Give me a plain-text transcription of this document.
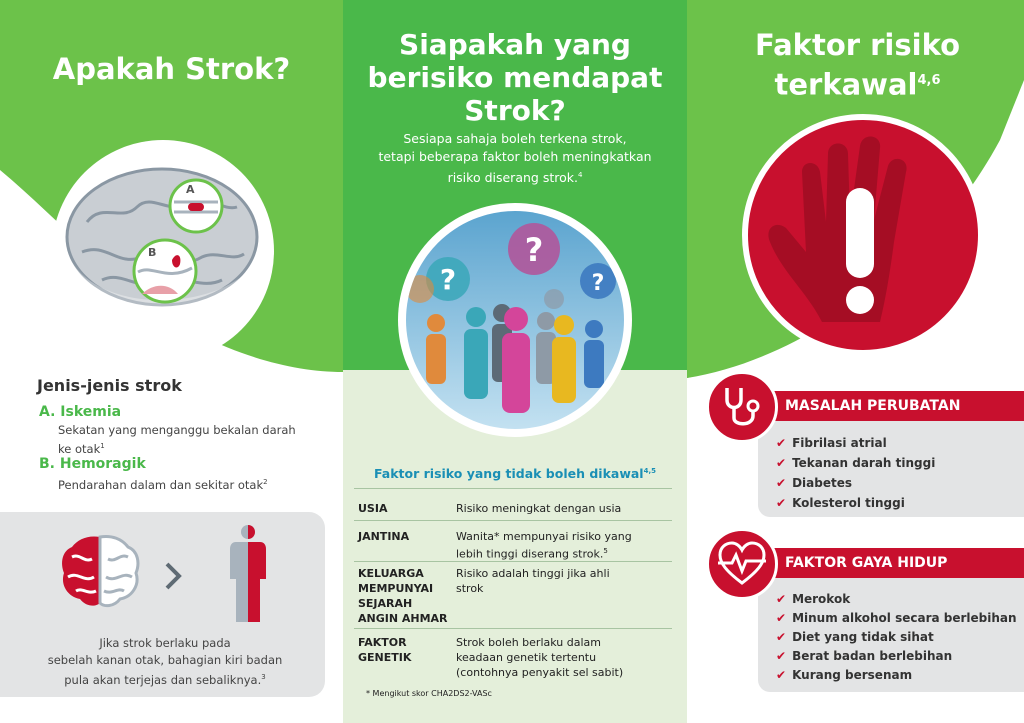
Apakah Strok?
A
B
Jenis-jenis strok
A. Iskemia
Sekatan yang menganggu bekalan darah
ke otak$^1$
B. Hemoragik
Pendarahan dalam dan sekitar otak$^2$
Jika strok berlaku pada
sebelah kanan otak, bahagian kiri badan
pula akan terjejas dan sebaliknya.$^3$
Siapakah yang
berisiko mendapat
Strok?
Sesiapa sahaja boleh terkena strok,
tetapi beberapa faktor boleh meningkatkan
risiko diserang strok.$^4$
?
?
?
Faktor risiko yang tidak boleh dikawal$^{4,5}$
USIA	Risiko meningkat dengan usia
JANTINA	Wanita* mempunyai risiko yang
lebih tinggi diserang strok.$^5$
KELUARGA
MEMPUNYAI
SEJARAH
ANGIN AHMAR
Risiko adalah tinggi jika ahli
strok
FAKTOR
GENETIK
Strok boleh berlaku dalam
keadaan genetik tertentu
(contohnya penyakit sel sabit)
* Mengikut skor CHA2DS2-VASc
Faktor risiko
terkawal$^{4,6}$
MASALAH PERUBATAN
✔ Fibrilasi atrial
✔ Tekanan darah tinggi
✔ Diabetes
✔ Kolesterol tinggi
FAKTOR GAYA HIDUP
✔ Merokok
✔ Minum alkohol secara berlebihan
✔ Diet yang tidak sihat
✔ Berat badan berlebihan
✔ Kurang bersenam
